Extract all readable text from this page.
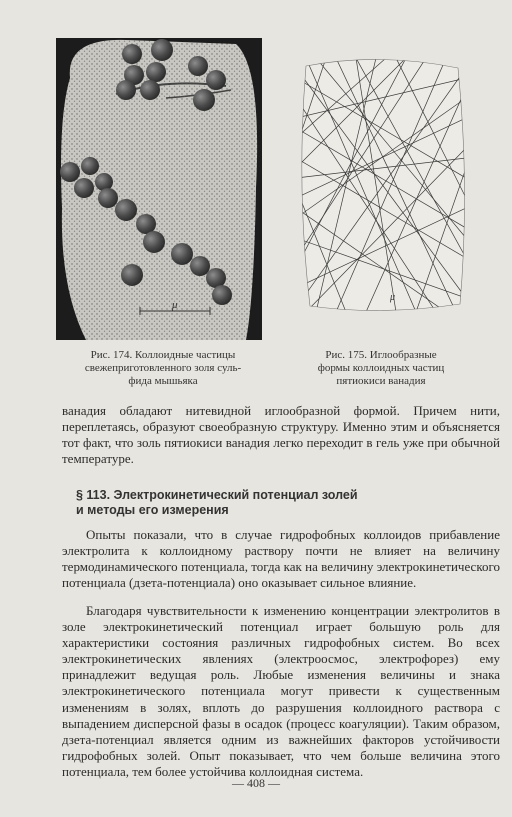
μ
μ
Рис. 174. Коллоидные частицы
свежеприготовленного золя суль-
фида мышьяка
Рис. 175. Иглообразные
формы коллоидных частиц
пятиокиси ванадия

ванадия обладают нитевидной иглообразной формой. Причем нити, переплетаясь, образуют своеобразную структуру. Именно этим и объясняется тот факт, что золь пятиокиси ванадия легко переходит в гель уже при обычной температуре.

§ 113. Электрокинетический потенциал золей
и методы его измерения

Опыты показали, что в случае гидрофобных коллоидов прибавление электролита к коллоидному раствору почти не влияет на величину термодинамического потенциала, тогда как на величину электрокинетического потенциала (дзета-потенциала) оно оказывает сильное влияние.

Благодаря чувствительности к изменению концентрации электролитов в золе электрокинетический потенциал играет большую роль для характеристики состояния различных гидрофобных систем. Во всех электрокинетических явлениях (электроосмос, электрофорез) ему принадлежит ведущая роль. Любые изменения величины и знака электрокинетического потенциала могут привести к существенным изменениям в золях, вплоть до разрушения коллоидного раствора с выпадением дисперсной фазы в осадок (процесс коагуляции). Таким образом, дзета-потенциал является одним из важнейших факторов устойчивости гидрофобных золей. Опыт показывает, что чем больше величина этого потенциала, тем более устойчива коллоидная система.

— 408 —
